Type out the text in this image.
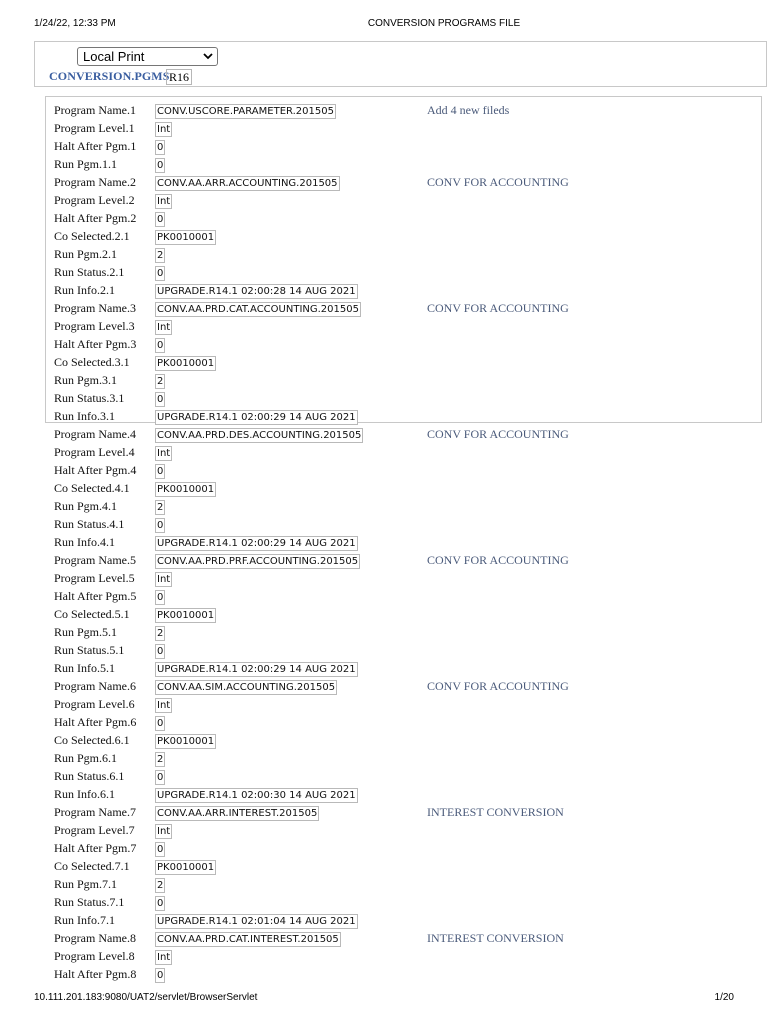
1/24/22, 12:33 PM	CONVERSION PROGRAMS FILE
Local Print
CONVERSION.PGMS R16
Program Name.1 CONV.USCORE.PARAMETER.201505	Add 4 new fileds
Program Level.1 Int
Halt After Pgm.1 0
Run Pgm.1.1	0
Program Name.2 CONV.AA.ARR.ACCOUNTING.201505	CONV FOR ACCOUNTING
Program Level.2 Int
Halt After Pgm.2 0
Co Selected.2.1	PK0010001
Run Pgm.2.1	2
Run Status.2.1	0
Run Info.2.1	UPGRADE.R14.1 02:00:28 14 AUG 2021
Program Name.3 CONV.AA.PRD.CAT.ACCOUNTING.201505	CONV FOR ACCOUNTING
Program Level.3 Int
Halt After Pgm.3 0
Co Selected.3.1	PK0010001
Run Pgm.3.1	2
Run Status.3.1	0
Run Info.3.1	UPGRADE.R14.1 02:00:29 14 AUG 2021
Program Name.4 CONV.AA.PRD.DES.ACCOUNTING.201505	CONV FOR ACCOUNTING
Program Level.4 Int
Halt After Pgm.4 0
Co Selected.4.1	PK0010001
Run Pgm.4.1	2
Run Status.4.1	0
Run Info.4.1	UPGRADE.R14.1 02:00:29 14 AUG 2021
Program Name.5 CONV.AA.PRD.PRF.ACCOUNTING.201505	CONV FOR ACCOUNTING
Program Level.5 Int
Halt After Pgm.5 0
Co Selected.5.1	PK0010001
Run Pgm.5.1	2
Run Status.5.1	0
Run Info.5.1	UPGRADE.R14.1 02:00:29 14 AUG 2021
Program Name.6 CONV.AA.SIM.ACCOUNTING.201505	CONV FOR ACCOUNTING
Program Level.6 Int
Halt After Pgm.6 0
Co Selected.6.1	PK0010001
Run Pgm.6.1	2
Run Status.6.1	0
Run Info.6.1	UPGRADE.R14.1 02:00:30 14 AUG 2021
Program Name.7 CONV.AA.ARR.INTEREST.201505	INTEREST CONVERSION
Program Level.7 Int
Halt After Pgm.7 0
Co Selected.7.1	PK0010001
Run Pgm.7.1	2
Run Status.7.1	0
Run Info.7.1	UPGRADE.R14.1 02:01:04 14 AUG 2021
Program Name.8 CONV.AA.PRD.CAT.INTEREST.201505	INTEREST CONVERSION
Program Level.8 Int
Halt After Pgm.8 0
10.111.201.183:9080/UAT2/servlet/BrowserServlet	1/20
